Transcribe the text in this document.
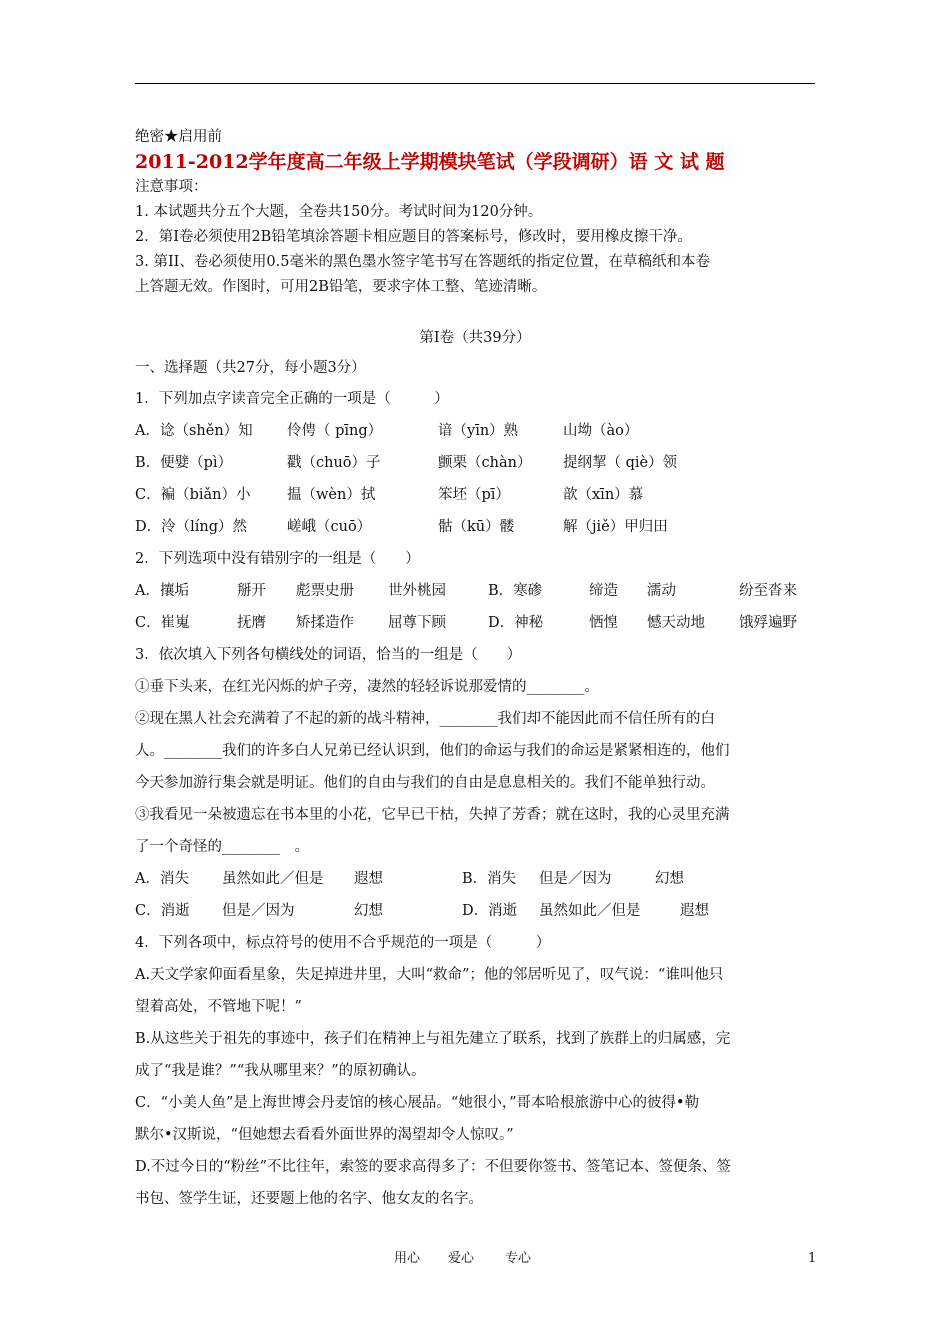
绝密★启用前
2011-2012学年度高二年级上学期模块笔试（学段调研）语 文 试 题
注意事项：
1. 本试题共分五个大题，全卷共150分。考试时间为120分钟。
2．第Ⅰ卷必须使用2B铅笔填涂答题卡相应题目的答案标号，修改时，要用橡皮擦干净。
3. 第II、卷必须使用0.5毫米的黑色墨水签字笔书写在答题纸的指定位置，在草稿纸和本卷
上答题无效。作图时，可用2B铅笔，要求字体工整、笔迹清晰。
第Ⅰ卷（共39分）
一、选择题（共27分，每小题3分）
1．下列加点字读音完全正确的一项是（　　　）
A．谂（shěn）知 伶俜（ pīng）	谙（yīn）熟	山坳（ào）
B．便嬖（pì）	戳（chuō）子	颤栗（chàn） 提纲挈（ qiè）领
C．褊（biǎn）小	揾（wèn）拭	笨坯（pī）	歆（xīn）慕
D．泠（líng）然	嵯峨（cuō）	骷（kū）髅	解（jiě）甲归田
2．下列选项中没有错别字的一组是（　　）
A．攘垢	掰开 彪票史册 世外桃园	B．寒碜	缔造 濡动	纷至沓来
C．崔嵬	抚膺 矫揉造作 屈尊下顾	D．神秘	恓惶 憾天动地 饿殍遍野
3．依次填入下列各句横线处的词语，恰当的一组是（　　）
①垂下头来，在红光闪烁的炉子旁，凄然的轻轻诉说那爱情的________。
②现在黑人社会充满着了不起的新的战斗精神，________我们却不能因此而不信任所有的白
人。________我们的许多白人兄弟已经认识到，他们的命运与我们的命运是紧紧相连的，他们
今天参加游行集会就是明证。他们的自由与我们的自由是息息相关的。我们不能单独行动。
③我看见一朵被遗忘在书本里的小花，它早已干枯，失掉了芳香；就在这时，我的心灵里充满
了一个奇怪的________　。
A．消失 虽然如此／但是 遐想	B．消失 但是／因为	幻想
C．消逝 但是／因为	幻想	D．消逝 虽然如此／但是	遐想
4．下列各项中，标点符号的使用不合乎规范的一项是（　　　）
A.天文学家仰面看星象，失足掉进井里，大叫“救命”；他的邻居听见了，叹气说：“谁叫他只
望着高处，不管地下呢！”
B.从这些关于祖先的事迹中，孩子们在精神上与祖先建立了联系，找到了族群上的归属感，完
成了“我是谁？”“我从哪里来？”的原初确认。
C．“小美人鱼”是上海世博会丹麦馆的核心展品。“她很小，”哥本哈根旅游中心的彼得•勒
默尔•汉斯说，“但她想去看看外面世界的渴望却令人惊叹。”
D.不过今日的“粉丝”不比往年，索签的要求高得多了：不但要你签书、签笔记本、签便条、签
书包、签学生证，还要题上他的名字、他女友的名字。
用心 爱心 专心	1
